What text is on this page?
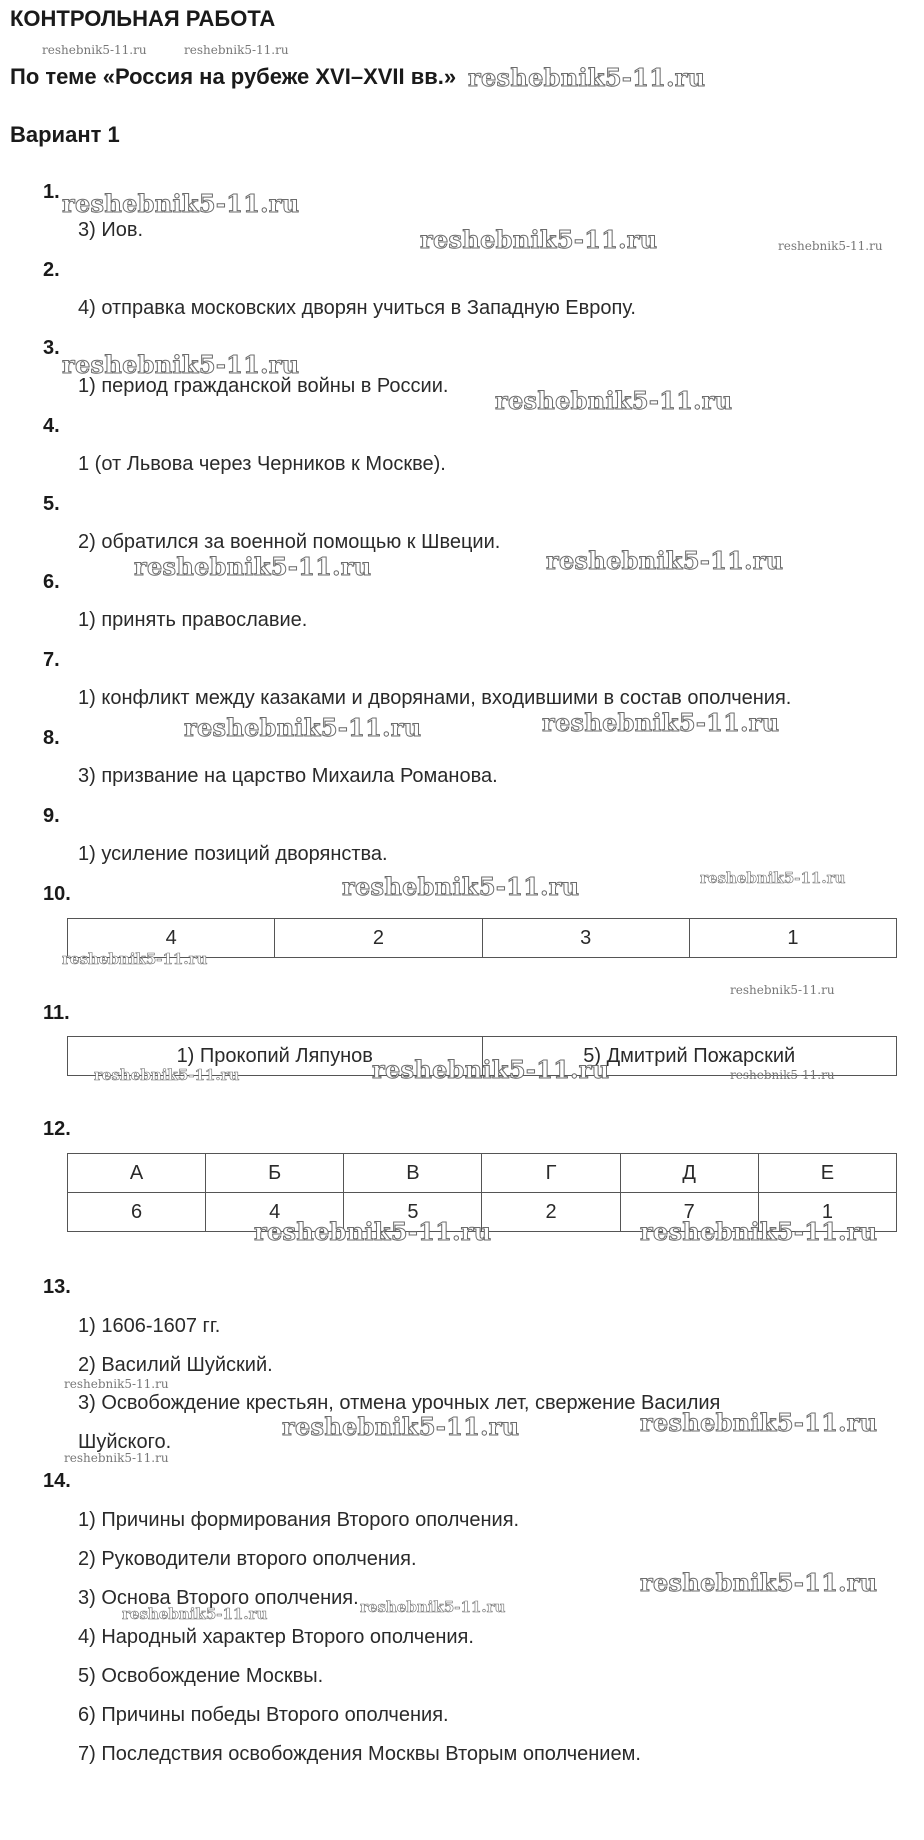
КОНТРОЛЬНАЯ РАБОТА
По теме «Россия на рубеже XVI–XVII вв.»
Вариант 1
1.
3) Иов.
2.
4) отправка московских дворян учиться в Западную Европу.
3.
1) период гражданской войны в России.
4.
1 (от Львова через Черников к Москве).
5.
2) обратился за военной помощью к Швеции.
6.
1) принять православие.
7.
1) конфликт между казаками и дворянами, входившими в состав ополчения.
8.
3) призвание на царство Михаила Романова.
9.
1) усиление позиций дворянства.
10.
4	2	3	1
11.
1) Прокопий Ляпунов	5) Дмитрий Пожарский
12.
А	Б	В	Г	Д	Е
6	4	5	2	7	1
13.
1) 1606-1607 гг.
2) Василий Шуйский.
3) Освобождение крестьян, отмена урочных лет, свержение Василия
Шуйского.
14.
1) Причины формирования Второго ополчения.
2) Руководители второго ополчения.
3) Основа Второго ополчения.
4) Народный характер Второго ополчения.
5) Освобождение Москвы.
6) Причины победы Второго ополчения.
7) Последствия освобождения Москвы Вторым ополчением.
reshebnik5-11.ru	reshebnik5-11.ru
reshebnik5-11.ru
reshebnik5-11.ru
reshebnik5-11.ru	reshebnik5-11.ru
reshebnik5-11.ru
reshebnik5-11.ru
reshebnik5-11.ru	reshebnik5-11.ru
reshebnik5-11.ru	reshebnik5-11.ru
reshebnik5-11.ru	reshebnik5-11.ru
reshebnik5-11.ru
reshebnik5-11.ru
reshebnik5-11.ru	reshebnik5-11.ru	reshebnik5-11.ru
reshebnik5-11.ru	reshebnik5-11.ru
reshebnik5-11.ru
reshebnik5-11.ru	reshebnik5-11.ru
reshebnik5-11.ru
reshebnik5-11.ru
reshebnik5-11.ru	reshebnik5-11.ru
